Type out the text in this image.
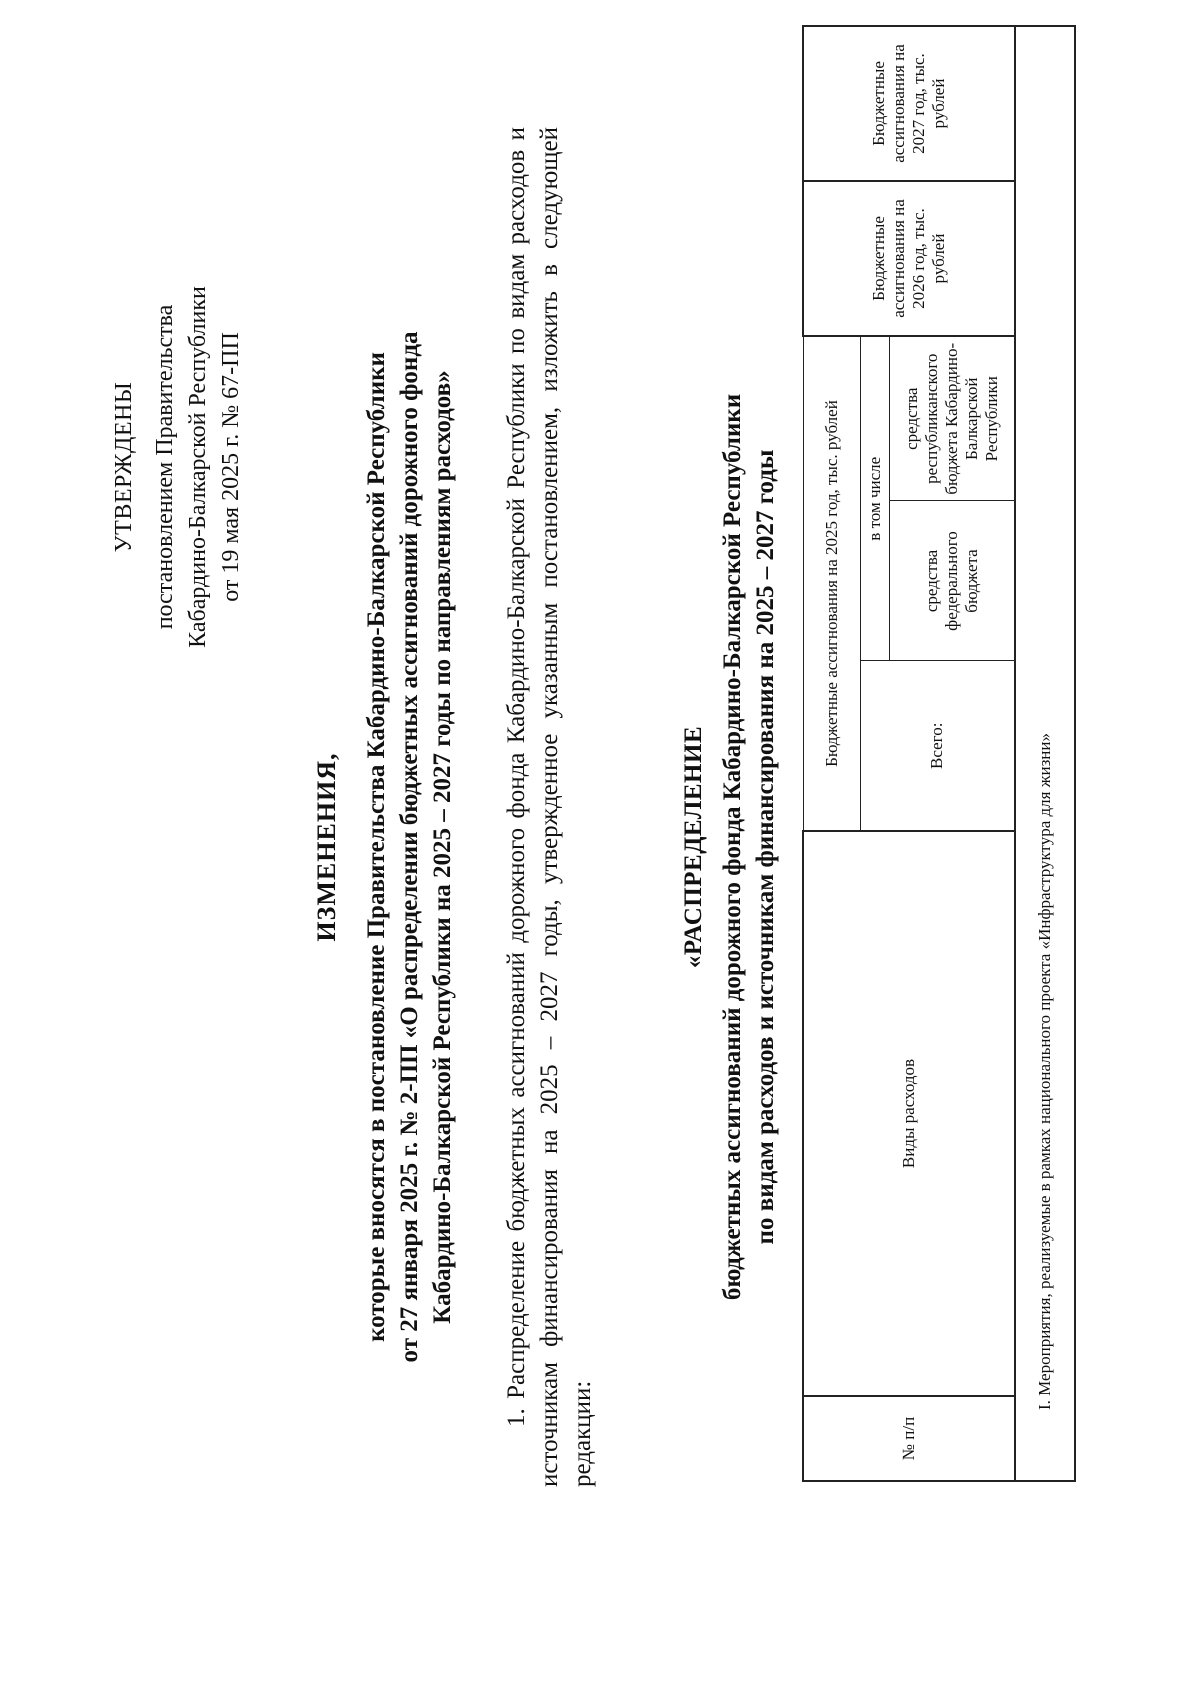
УТВЕРЖДЕНЫ постановлением Правительства Кабардино-Балкарской Республики от 19 мая 2025 г. № 67-ПП
ИЗМЕНЕНИЯ, которые вносятся в постановление Правительства Кабардино-Балкарской Республики от 27 января 2025 г. № 2-ПП «О распределении бюджетных ассигнований дорожного фонда Кабардино-Балкарской Республики на 2025 – 2027 годы по направлениям расходов» 1. Распределение бюджетных ассигнований дорожного фонда Кабардино-Балкарской Республики по видам расходов и источникам финансирования на 2025 – 2027 годы, утвержденное указанным постановлением, изложить в следующей редакции:
«РАСПРЕДЕЛЕНИЕ бюджетных ассигнований дорожного фонда Кабардино-Балкарской Республики по видам расходов и источникам финансирования на 2025 – 2027 годы
№ п/п	Виды расходов	Бюджетные ассигнования на 2025 год, тыс. рублей			Бюджетные ассигнования на 2026 год, тыс. рублей	Бюджетные ассигнования на 2027 год, тыс. рублей
		Всего:	в том числе			
			средства федерального бюджета	средства республиканского бюджета Кабардино-Балкарской Республики		
I. Мероприятия, реализуемые в рамках национального проекта «Инфраструктура для жизни»						
